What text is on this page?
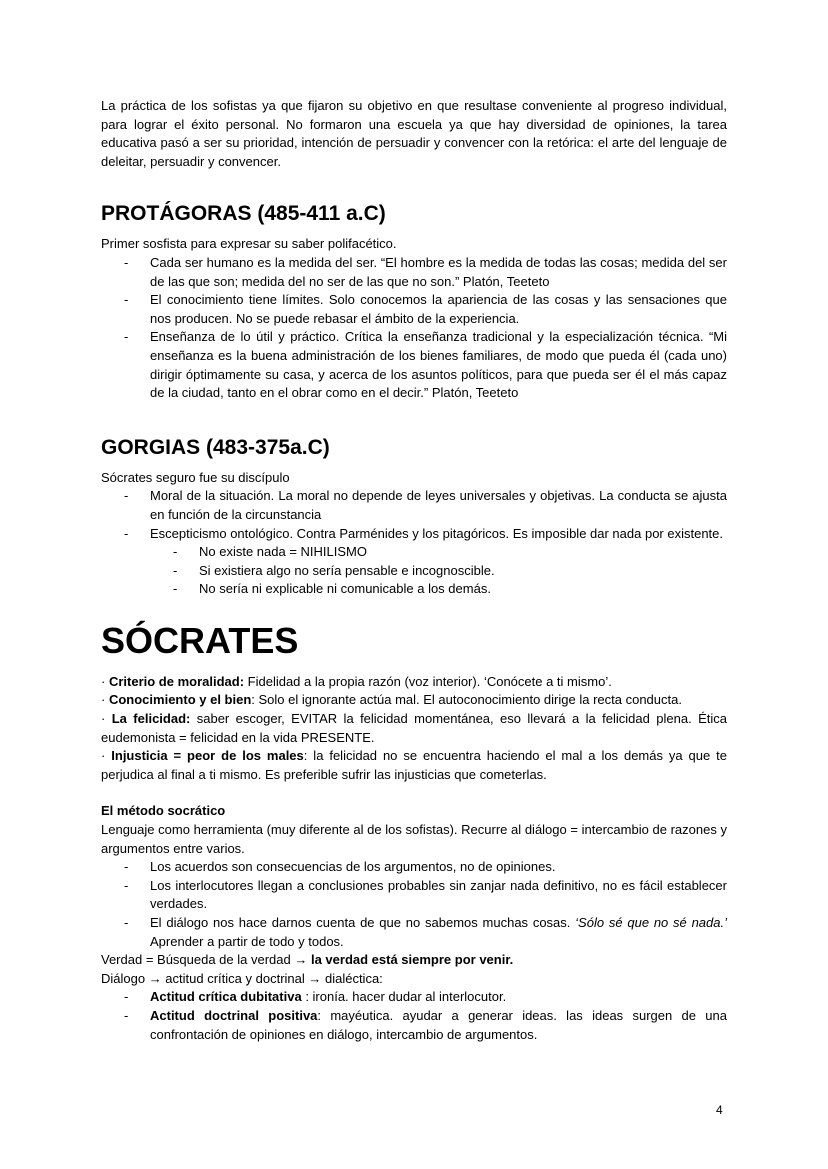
La práctica de los sofistas ya que fijaron su objetivo en que resultase conveniente al progreso individual, para lograr el éxito personal. No formaron una escuela ya que hay diversidad de opiniones, la tarea educativa pasó a ser su prioridad, intención de persuadir y convencer con la retórica: el arte del lenguaje de deleitar, persuadir y convencer.

PROTÁGORAS (485-411 a.C)

Primer sosfista para expresar su saber polifacético.

- Cada ser humano es la medida del ser. “El hombre es la medida de todas las cosas; medida del ser de las que son; medida del no ser de las que no son.” Platón, Teeteto
- El conocimiento tiene límites. Solo conocemos la apariencia de las cosas y las sensaciones que nos producen. No se puede rebasar el ámbito de la experiencia.
- Enseñanza de lo útil y práctico. Crítica la enseñanza tradicional y la especialización técnica. “Mi enseñanza es la buena administración de los bienes familiares, de modo que pueda él (cada uno) dirigir óptimamente su casa, y acerca de los asuntos políticos, para que pueda ser él el más capaz de la ciudad, tanto en el obrar como en el decir.” Platón, Teeteto
GORGIAS (483-375a.C)

Sócrates seguro fue su discípulo

- Moral de la situación. La moral no depende de leyes universales y objetivas. La conducta se ajusta en función de la circunstancia
- Escepticismo ontológico. Contra Parménides y los pitagóricos. Es imposible dar nada por existente.
- No existe nada = NIHILISMO
- Si existiera algo no sería pensable e incognoscible.
- No sería ni explicable ni comunicable a los demás.
SÓCRATES

· Criterio de moralidad: Fidelidad a la propia razón (voz interior). ‘Conócete a ti mismo’.

· Conocimiento y el bien: Solo el ignorante actúa mal. El autoconocimiento dirige la recta conducta.

· La felicidad: saber escoger, EVITAR la felicidad momentánea, eso llevará a la felicidad plena. Ética eudemonista = felicidad en la vida PRESENTE.

· Injusticia = peor de los males: la felicidad no se encuentra haciendo el mal a los demás ya que te perjudica al final a ti mismo. Es preferible sufrir las injusticias que cometerlas.

El método socrático

Lenguaje como herramienta (muy diferente al de los sofistas). Recurre al diálogo = intercambio de razones y argumentos entre varios.

- Los acuerdos son consecuencias de los argumentos, no de opiniones.
- Los interlocutores llegan a conclusiones probables sin zanjar nada definitivo, no es fácil establecer verdades.
- El diálogo nos hace darnos cuenta de que no sabemos muchas cosas. ‘Sólo sé que no sé nada.’ Aprender a partir de todo y todos.

Verdad = Búsqueda de la verdad → la verdad está siempre por venir.

Diálogo → actitud crítica y doctrinal → dialéctica:

- Actitud crítica dubitativa : ironía. hacer dudar al interlocutor.
- Actitud doctrinal positiva: mayéutica. ayudar a generar ideas. las ideas surgen de una confrontación de opiniones en diálogo, intercambio de argumentos.
4
